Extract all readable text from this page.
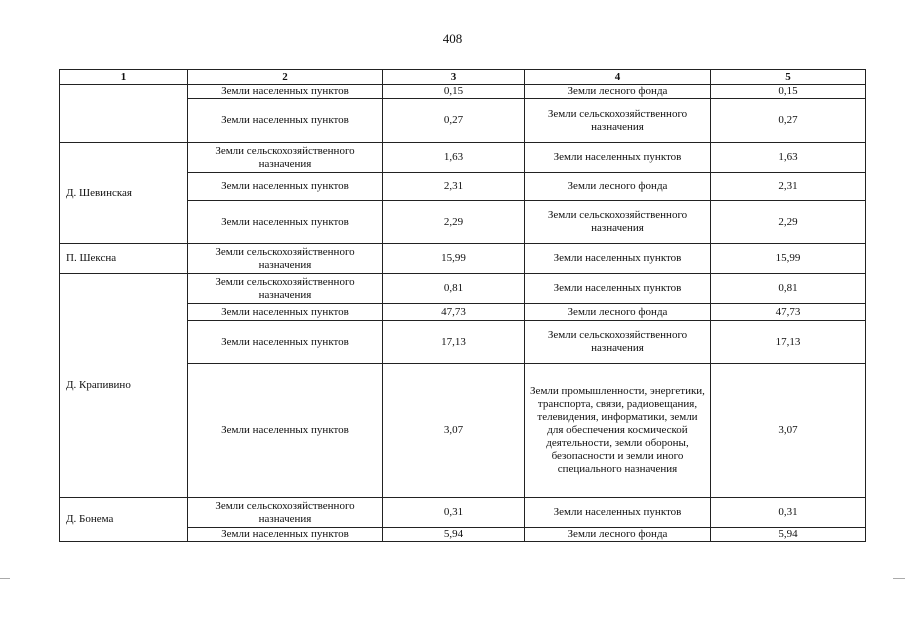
408
1	2	3	4	5
	Земли населенных пунктов	0,15	Земли лесного фонда	0,15
	Земли населенных пунктов	0,27	Земли сельскохозяйственного назначения	0,27
Д. Шевинская	Земли сельскохозяйственного назначения	1,63	Земли населенных пунктов	1,63
	Земли населенных пунктов	2,31	Земли лесного фонда	2,31
	Земли населенных пунктов	2,29	Земли сельскохозяйственного назначения	2,29
П. Шексна	Земли сельскохозяйственного назначения	15,99	Земли населенных пунктов	15,99
Д. Крапивино	Земли сельскохозяйственного назначения	0,81	Земли населенных пунктов	0,81
	Земли населенных пунктов	47,73	Земли лесного фонда	47,73
	Земли населенных пунктов	17,13	Земли сельскохозяйственного назначения	17,13
	Земли населенных пунктов	3,07	Земли промышленности, энергетики, транспорта, связи, радиовещания, телевидения, информатики, земли для обеспечения космической деятельности, земли обороны, безопасности и земли иного специального назначения	3,07
Д. Бонема	Земли сельскохозяйственного назначения	0,31	Земли населенных пунктов	0,31
	Земли населенных пунктов	5,94	Земли лесного фонда	5,94
